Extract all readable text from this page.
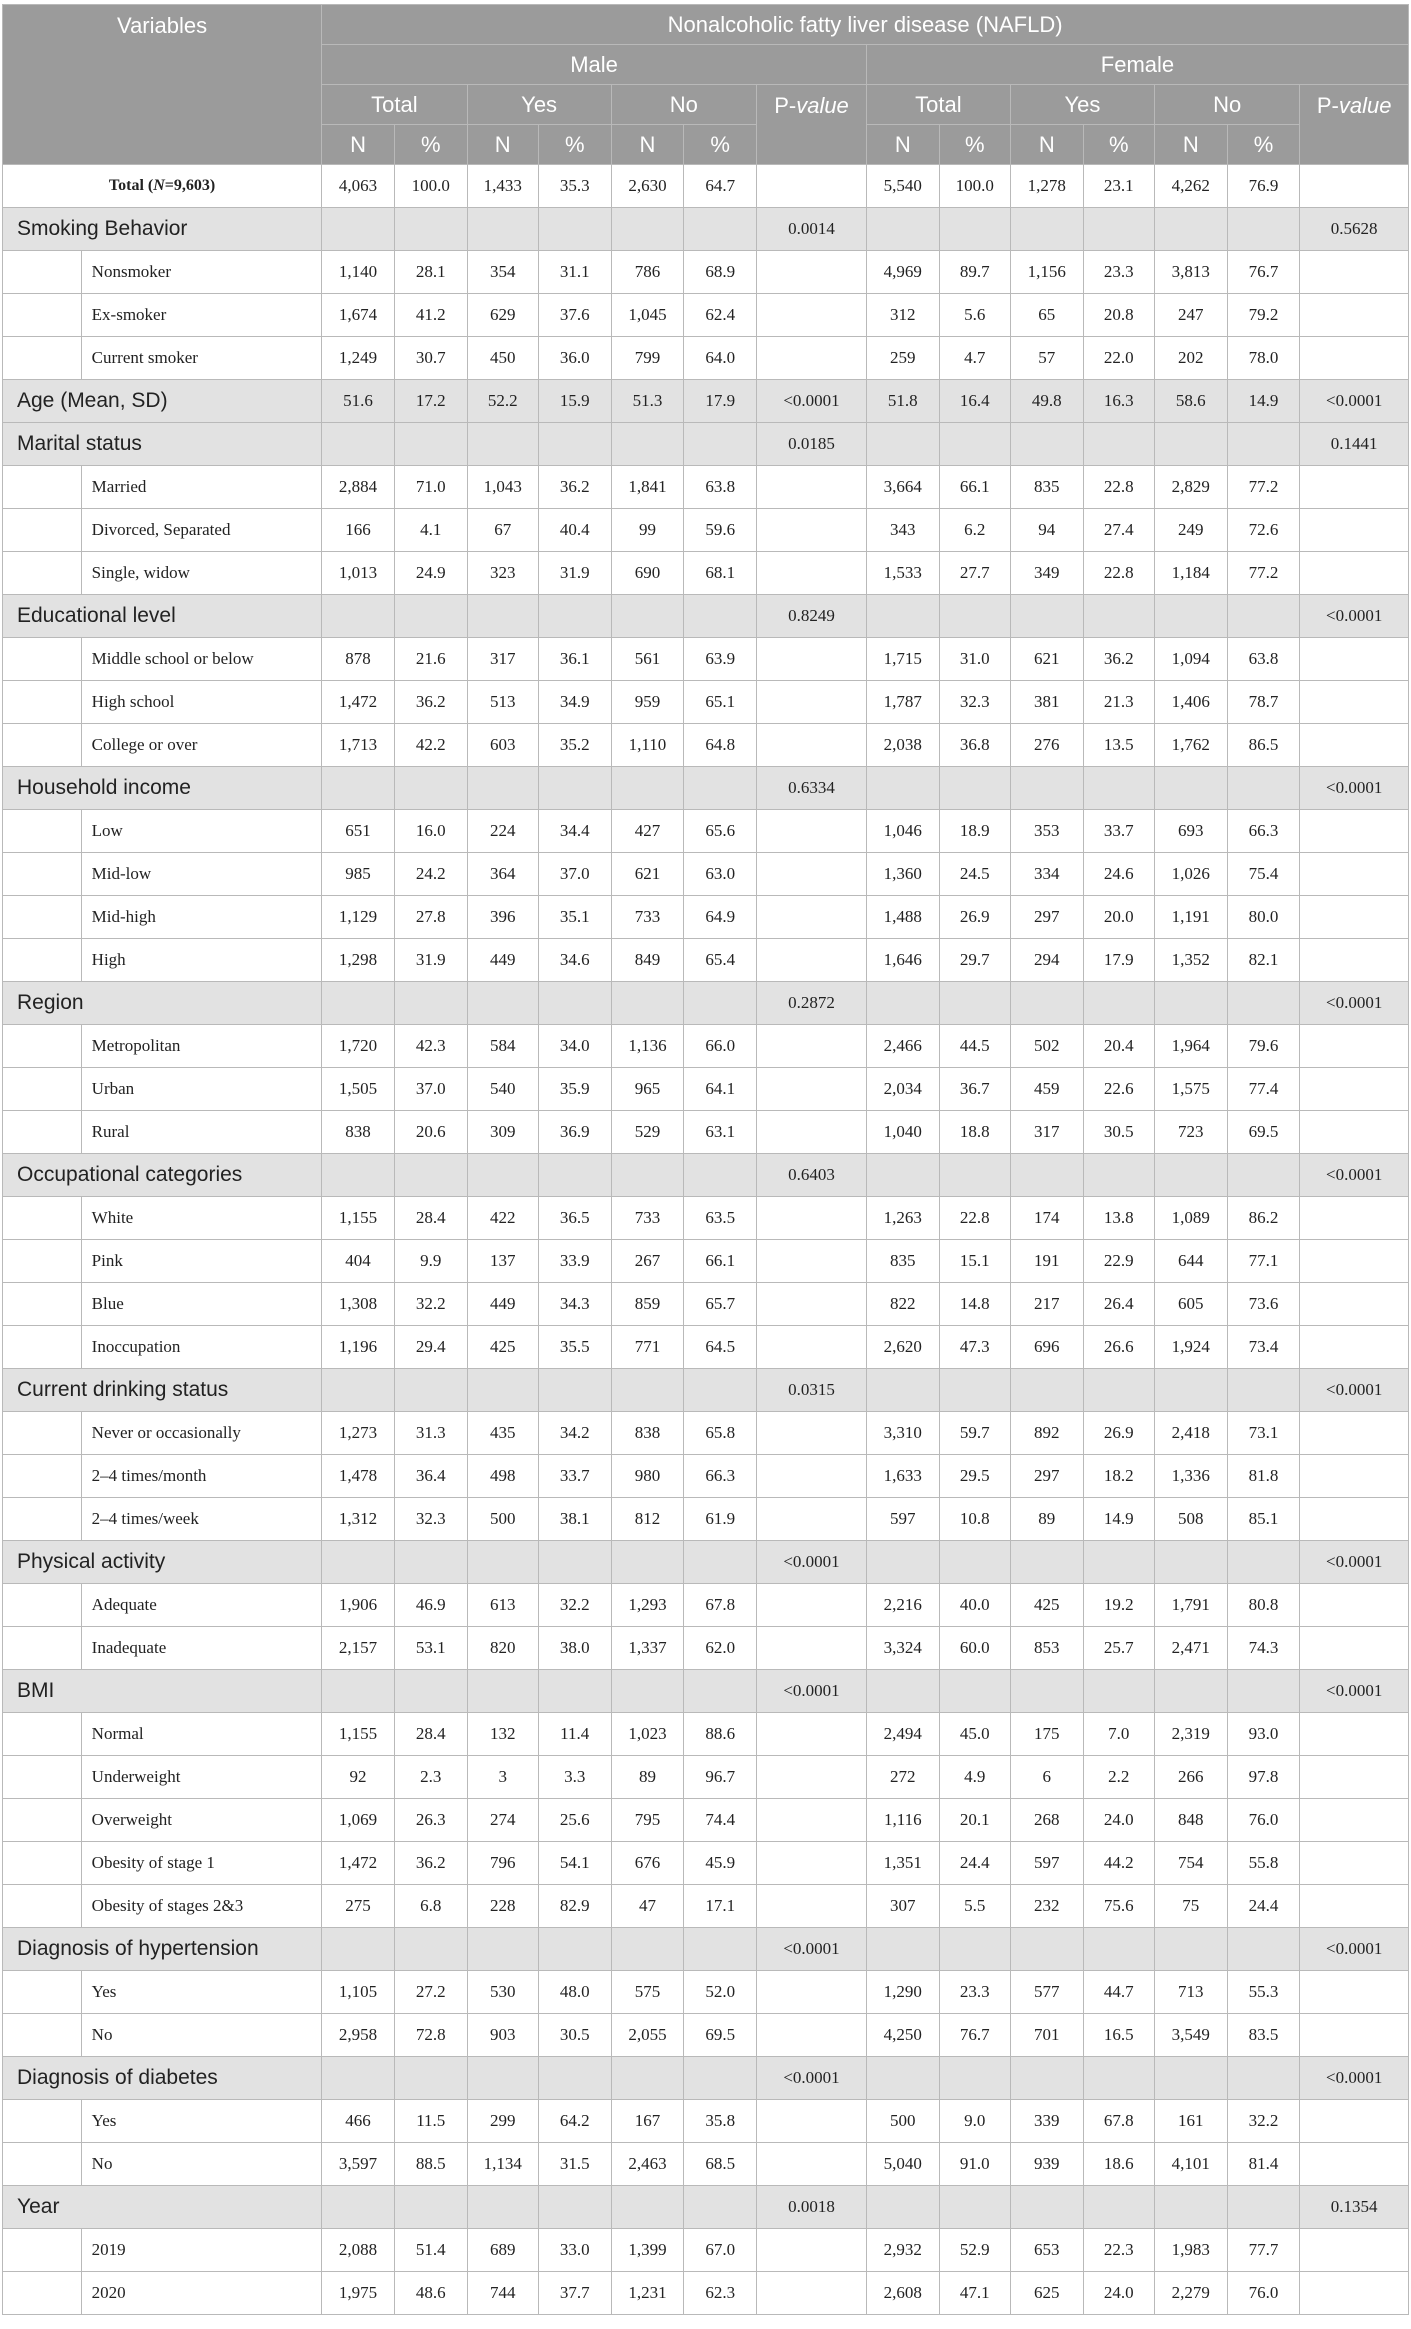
Variables		Nonalcoholic fatty liver disease (NAFLD)													
		Male							Female						
		Total		Yes		No		P-value	Total		Yes		No		P-value
		N	%	N	%	N	%		N	%	N	%	N	%	
Total (N=9,603)		4,063	100.0	1,433	35.3	2,630	64.7		5,540	100.0	1,278	23.1	4,262	76.9	
Smoking Behavior								0.0014							0.5628
	Nonsmoker	1,140	28.1	354	31.1	786	68.9		4,969	89.7	1,156	23.3	3,813	76.7	
	Ex-smoker	1,674	41.2	629	37.6	1,045	62.4		312	5.6	65	20.8	247	79.2	
	Current smoker	1,249	30.7	450	36.0	799	64.0		259	4.7	57	22.0	202	78.0	
Age (Mean, SD)		51.6	17.2	52.2	15.9	51.3	17.9	<0.0001	51.8	16.4	49.8	16.3	58.6	14.9	<0.0001
Marital status								0.0185							0.1441
	Married	2,884	71.0	1,043	36.2	1,841	63.8		3,664	66.1	835	22.8	2,829	77.2	
	Divorced, Separated	166	4.1	67	40.4	99	59.6		343	6.2	94	27.4	249	72.6	
	Single, widow	1,013	24.9	323	31.9	690	68.1		1,533	27.7	349	22.8	1,184	77.2	
Educational level								0.8249							<0.0001
	Middle school or below	878	21.6	317	36.1	561	63.9		1,715	31.0	621	36.2	1,094	63.8	
	High school	1,472	36.2	513	34.9	959	65.1		1,787	32.3	381	21.3	1,406	78.7	
	College or over	1,713	42.2	603	35.2	1,110	64.8		2,038	36.8	276	13.5	1,762	86.5	
Household income								0.6334							<0.0001
	Low	651	16.0	224	34.4	427	65.6		1,046	18.9	353	33.7	693	66.3	
	Mid-low	985	24.2	364	37.0	621	63.0		1,360	24.5	334	24.6	1,026	75.4	
	Mid-high	1,129	27.8	396	35.1	733	64.9		1,488	26.9	297	20.0	1,191	80.0	
	High	1,298	31.9	449	34.6	849	65.4		1,646	29.7	294	17.9	1,352	82.1	
Region								0.2872							<0.0001
	Metropolitan	1,720	42.3	584	34.0	1,136	66.0		2,466	44.5	502	20.4	1,964	79.6	
	Urban	1,505	37.0	540	35.9	965	64.1		2,034	36.7	459	22.6	1,575	77.4	
	Rural	838	20.6	309	36.9	529	63.1		1,040	18.8	317	30.5	723	69.5	
Occupational categories								0.6403							<0.0001
	White	1,155	28.4	422	36.5	733	63.5		1,263	22.8	174	13.8	1,089	86.2	
	Pink	404	9.9	137	33.9	267	66.1		835	15.1	191	22.9	644	77.1	
	Blue	1,308	32.2	449	34.3	859	65.7		822	14.8	217	26.4	605	73.6	
	Inoccupation	1,196	29.4	425	35.5	771	64.5		2,620	47.3	696	26.6	1,924	73.4	
Current drinking status								0.0315							<0.0001
	Never or occasionally	1,273	31.3	435	34.2	838	65.8		3,310	59.7	892	26.9	2,418	73.1	
	2–4 times/month	1,478	36.4	498	33.7	980	66.3		1,633	29.5	297	18.2	1,336	81.8	
	2–4 times/week	1,312	32.3	500	38.1	812	61.9		597	10.8	89	14.9	508	85.1	
Physical activity								<0.0001							<0.0001
	Adequate	1,906	46.9	613	32.2	1,293	67.8		2,216	40.0	425	19.2	1,791	80.8	
	Inadequate	2,157	53.1	820	38.0	1,337	62.0		3,324	60.0	853	25.7	2,471	74.3	
BMI								<0.0001							<0.0001
	Normal	1,155	28.4	132	11.4	1,023	88.6		2,494	45.0	175	7.0	2,319	93.0	
	Underweight	92	2.3	3	3.3	89	96.7		272	4.9	6	2.2	266	97.8	
	Overweight	1,069	26.3	274	25.6	795	74.4		1,116	20.1	268	24.0	848	76.0	
	Obesity of stage 1	1,472	36.2	796	54.1	676	45.9		1,351	24.4	597	44.2	754	55.8	
	Obesity of stages 2&3	275	6.8	228	82.9	47	17.1		307	5.5	232	75.6	75	24.4	
Diagnosis of hypertension								<0.0001							<0.0001
	Yes	1,105	27.2	530	48.0	575	52.0		1,290	23.3	577	44.7	713	55.3	
	No	2,958	72.8	903	30.5	2,055	69.5		4,250	76.7	701	16.5	3,549	83.5	
Diagnosis of diabetes								<0.0001							<0.0001
	Yes	466	11.5	299	64.2	167	35.8		500	9.0	339	67.8	161	32.2	
	No	3,597	88.5	1,134	31.5	2,463	68.5		5,040	91.0	939	18.6	4,101	81.4	
Year								0.0018							0.1354
	2019	2,088	51.4	689	33.0	1,399	67.0		2,932	52.9	653	22.3	1,983	77.7	
	2020	1,975	48.6	744	37.7	1,231	62.3		2,608	47.1	625	24.0	2,279	76.0	
